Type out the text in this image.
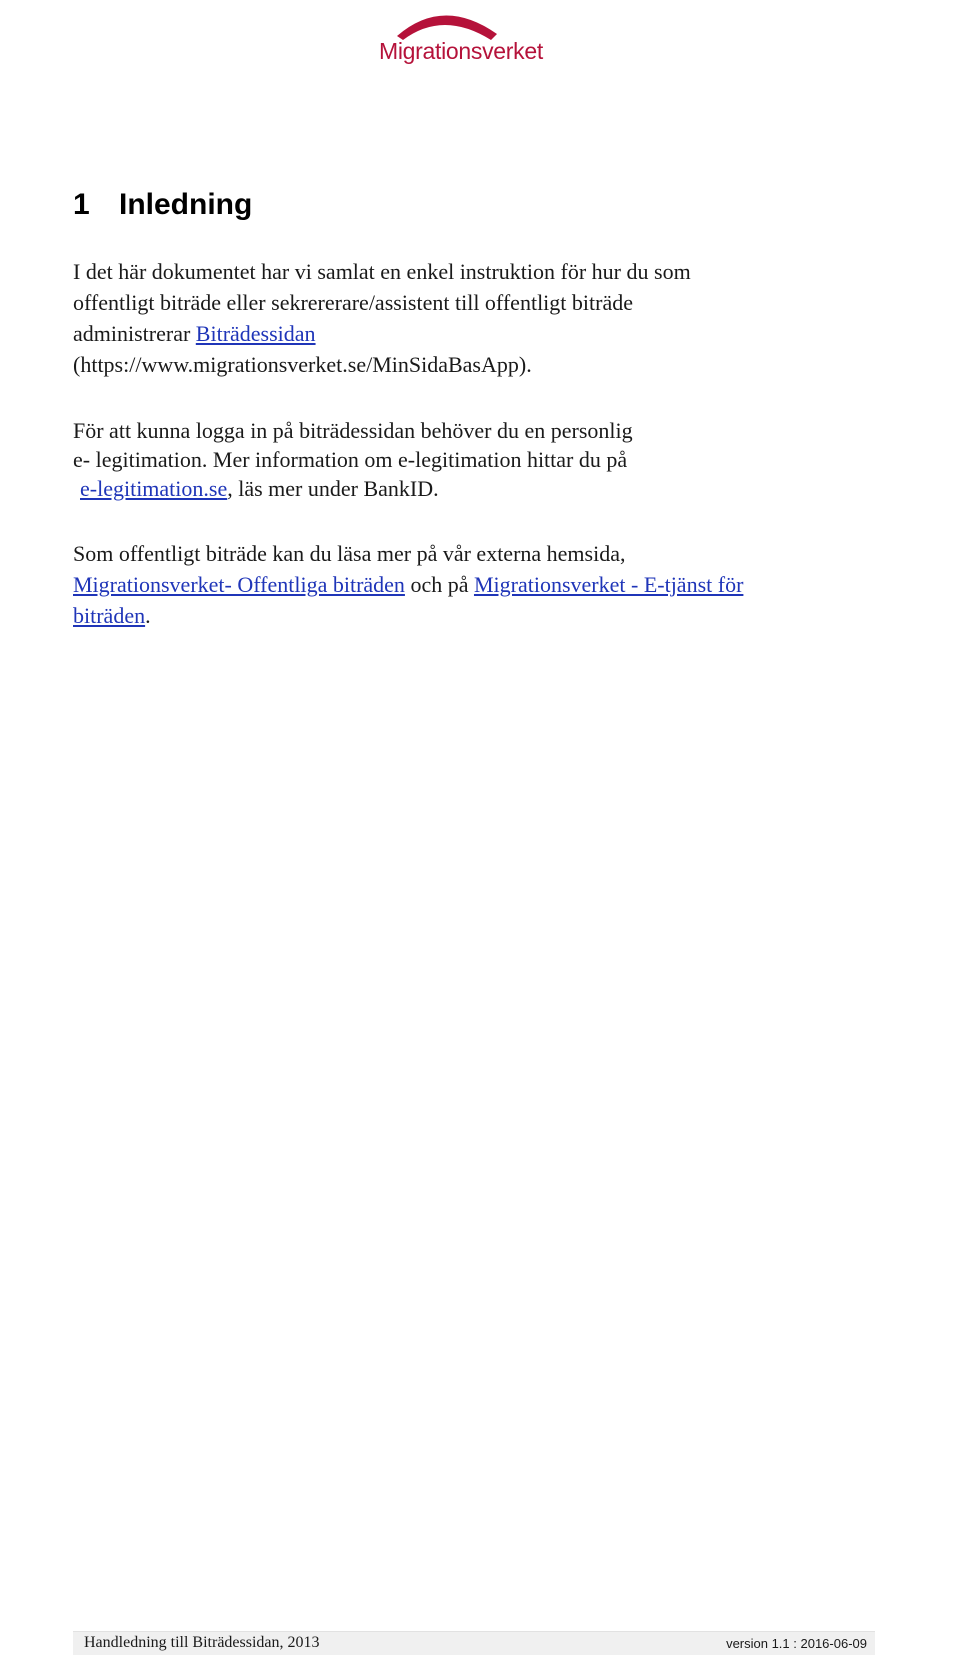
Migrationsverket
1 Inledning
I det här dokumentet har vi samlat en enkel instruktion för hur du som
offentligt biträde eller sekrererare/assistent till offentligt biträde
administrerar Biträdessidan
(https://www.migrationsverket.se/MinSidaBasApp).
För att kunna logga in på biträdessidan behöver du en personlig
e- legitimation. Mer information om e-legitimation hittar du på
e-legitimation.se, läs mer under BankID.
Som offentligt biträde kan du läsa mer på vår externa hemsida,
Migrationsverket- Offentliga biträden och på Migrationsverket - E-tjänst för
biträden.
Handledning till Biträdessidan, 2013	version 1.1 : 2016-06-09
